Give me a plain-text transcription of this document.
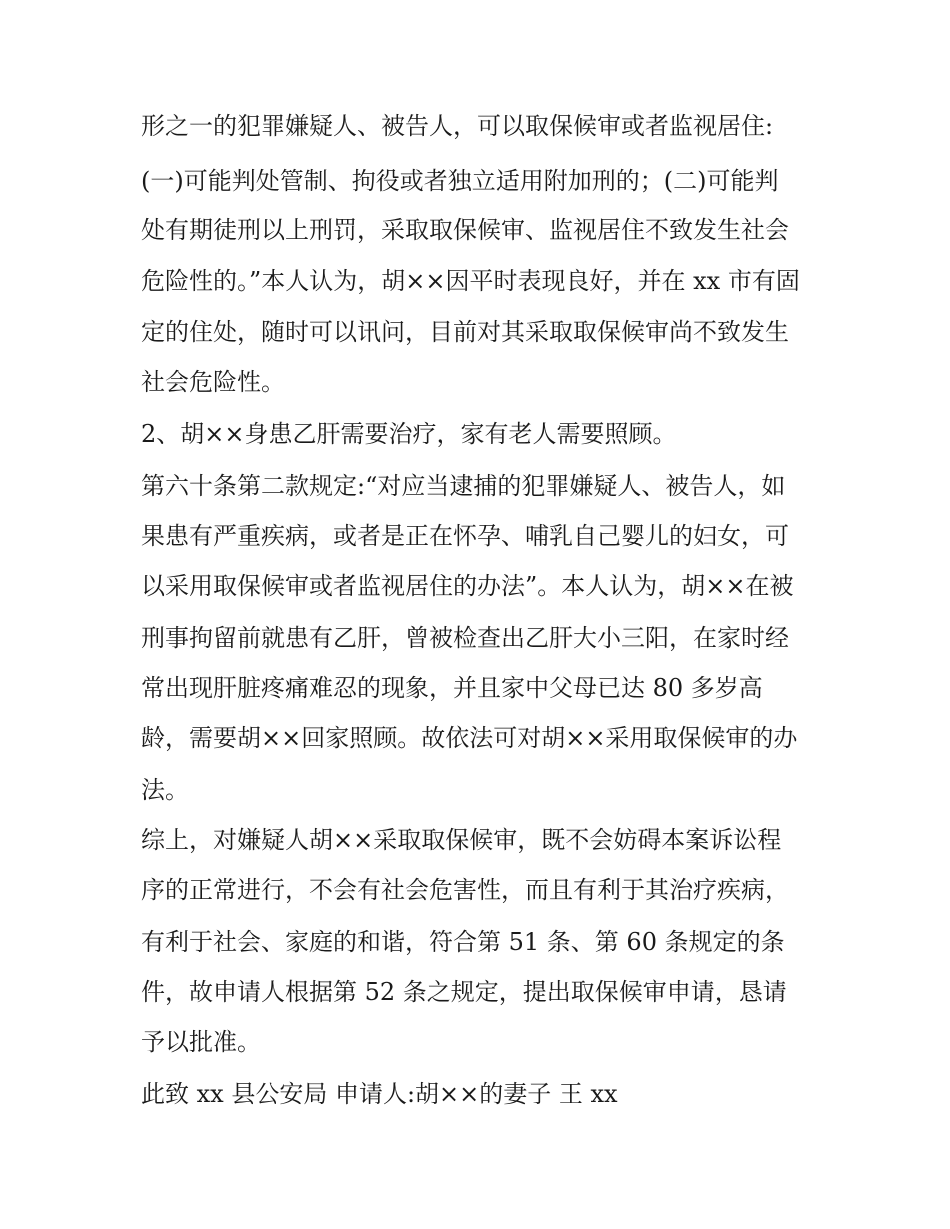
形之一的犯罪嫌疑人、被告人，可以取保候审或者监视居住:
(一)可能判处管制、拘役或者独立适用附加刑的；(二)可能判
处有期徒刑以上刑罚，采取取保候审、监视居住不致发生社会
危险性的。”本人认为，胡××因平时表现良好，并在 xx 市有固
定的住处，随时可以讯问，目前对其采取取保候审尚不致发生
社会危险性。
2、胡××身患乙肝需要治疗，家有老人需要照顾。
第六十条第二款规定:“对应当逮捕的犯罪嫌疑人、被告人，如
果患有严重疾病，或者是正在怀孕、哺乳自己婴儿的妇女，可
以采用取保候审或者监视居住的办法”。本人认为，胡××在被
刑事拘留前就患有乙肝，曾被检查出乙肝大小三阳，在家时经
常出现肝脏疼痛难忍的现象，并且家中父母已达 80 多岁高
龄，需要胡××回家照顾。故依法可对胡××采用取保候审的办
法。
综上，对嫌疑人胡××采取取保候审，既不会妨碍本案诉讼程
序的正常进行，不会有社会危害性，而且有利于其治疗疾病，
有利于社会、家庭的和谐，符合第 51 条、第 60 条规定的条
件，故申请人根据第 52 条之规定，提出取保候审申请，恳请
予以批准。
此致 xx 县公安局 申请人:胡××的妻子 王 xx
